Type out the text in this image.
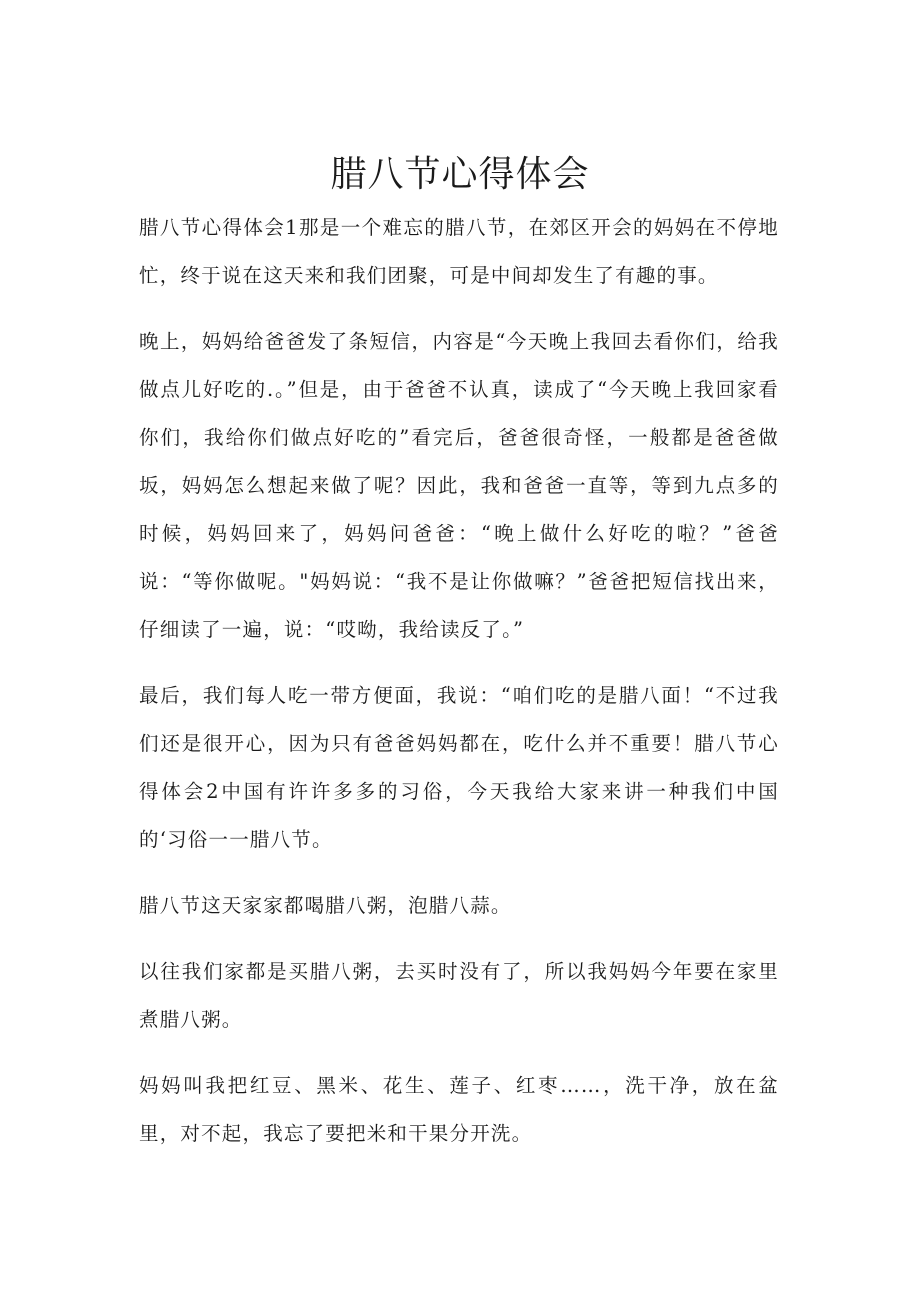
腊八节心得体会

腊八节心得体会1那是一个难忘的腊八节，在郊区开会的妈妈在不停地忙，终于说在这天来和我们团聚，可是中间却发生了有趣的事。

晚上，妈妈给爸爸发了条短信，内容是“今天晚上我回去看你们，给我做点儿好吃的.。”但是，由于爸爸不认真，读成了“今天晚上我回家看你们，我给你们做点好吃的”看完后，爸爸很奇怪，一般都是爸爸做坂，妈妈怎么想起来做了呢？因此，我和爸爸一直等，等到九点多的时候，妈妈回来了，妈妈问爸爸：“晚上做什么好吃的啦？”爸爸说：“等你做呢。"妈妈说：“我不是让你做嘛？”爸爸把短信找出来，仔细读了一遍，说：“哎呦，我给读反了。”

最后，我们每人吃一带方便面，我说：“咱们吃的是腊八面！“不过我们还是很开心，因为只有爸爸妈妈都在，吃什么并不重要！腊八节心得体会2中国有许许多多的习俗，今天我给大家来讲一种我们中国的‘习俗一一腊八节。

腊八节这天家家都喝腊八粥，泡腊八蒜。

以往我们家都是买腊八粥，去买时没有了，所以我妈妈今年要在家里煮腊八粥。

妈妈叫我把红豆、黑米、花生、莲子、红枣……，洗干净，放在盆里，对不起，我忘了要把米和干果分开洗。
